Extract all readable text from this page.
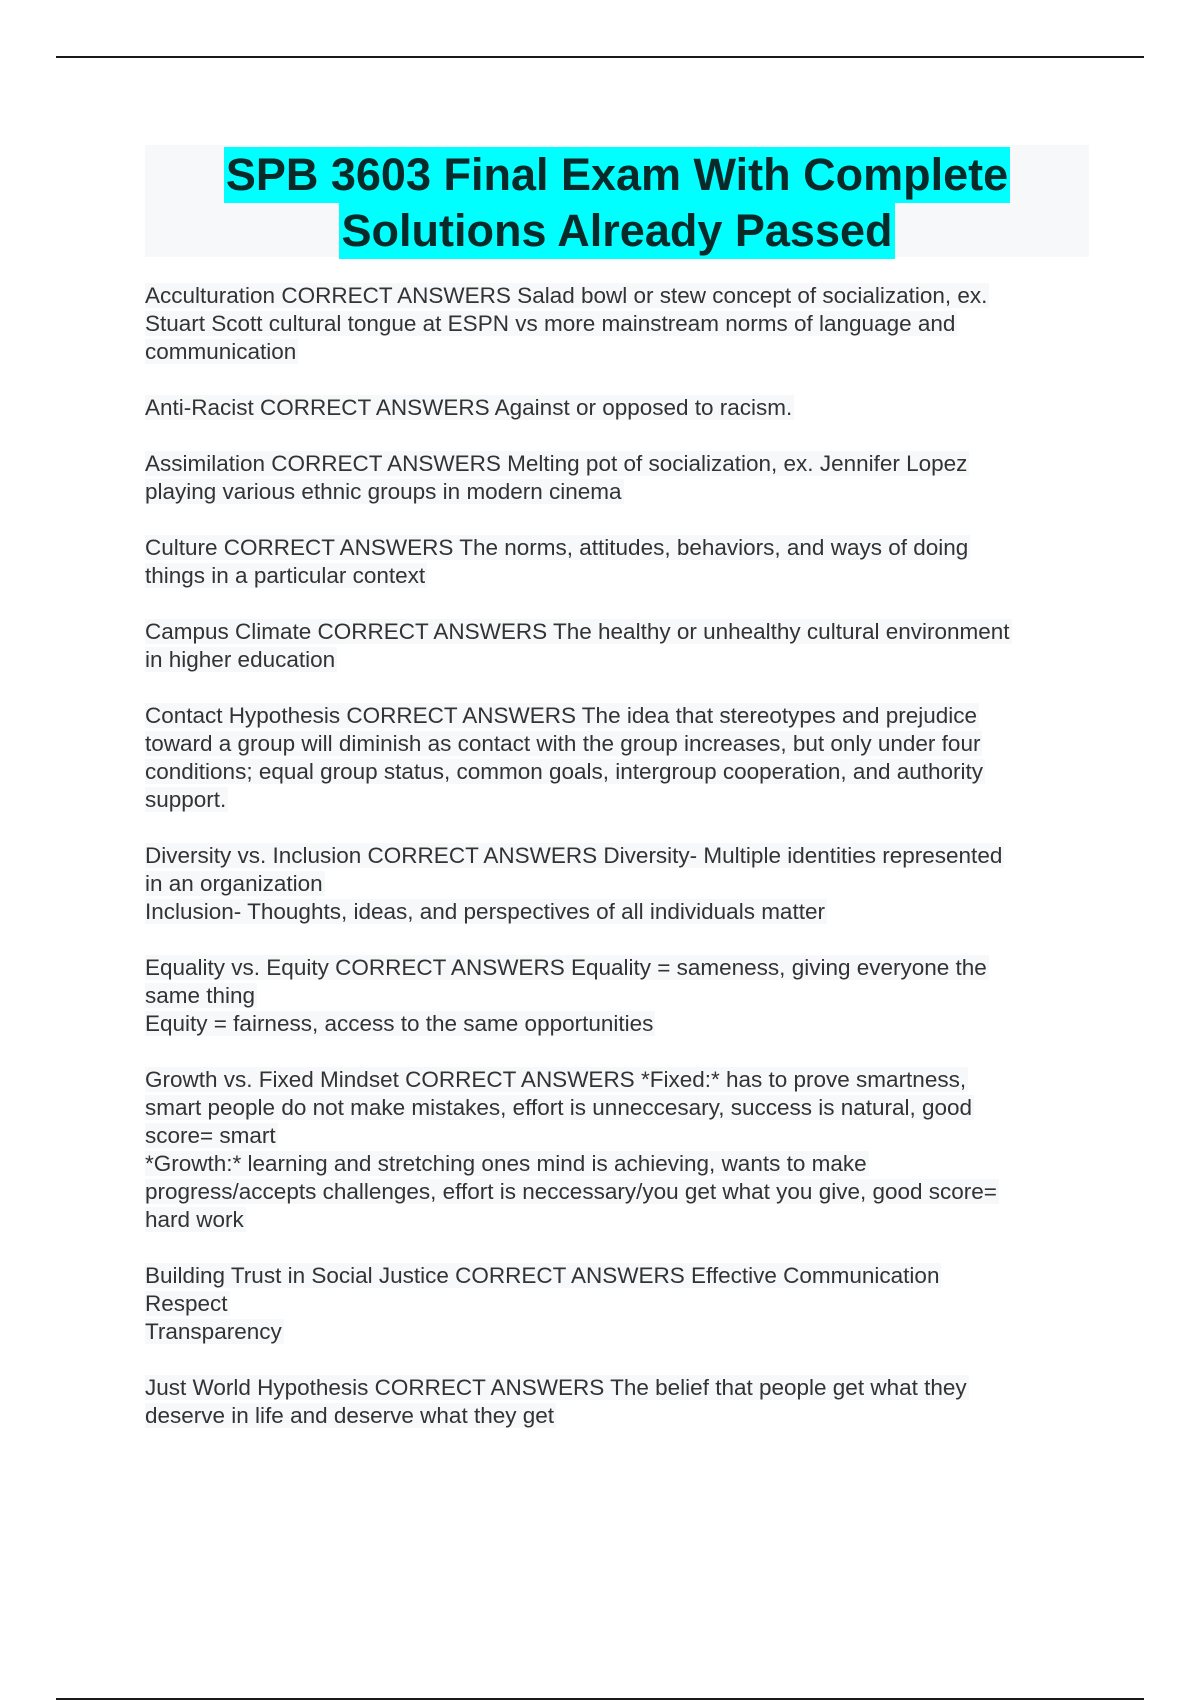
SPB 3603 Final Exam With Complete
Solutions Already Passed
Acculturation CORRECT ANSWERS Salad bowl or stew concept of socialization, ex.
Stuart Scott cultural tongue at ESPN vs more mainstream norms of language and
communication
Anti-Racist CORRECT ANSWERS Against or opposed to racism.
Assimilation CORRECT ANSWERS Melting pot of socialization, ex. Jennifer Lopez
playing various ethnic groups in modern cinema
Culture CORRECT ANSWERS The norms, attitudes, behaviors, and ways of doing
things in a particular context
Campus Climate CORRECT ANSWERS The healthy or unhealthy cultural environment
in higher education
Contact Hypothesis CORRECT ANSWERS The idea that stereotypes and prejudice
toward a group will diminish as contact with the group increases, but only under four
conditions; equal group status, common goals, intergroup cooperation, and authority
support.
Diversity vs. Inclusion CORRECT ANSWERS Diversity- Multiple identities represented
in an organization
Inclusion- Thoughts, ideas, and perspectives of all individuals matter
Equality vs. Equity CORRECT ANSWERS Equality = sameness, giving everyone the
same thing
Equity = fairness, access to the same opportunities
Growth vs. Fixed Mindset CORRECT ANSWERS *Fixed:* has to prove smartness,
smart people do not make mistakes, effort is unneccesary, success is natural, good
score= smart
*Growth:* learning and stretching ones mind is achieving, wants to make
progress/accepts challenges, effort is neccessary/you get what you give, good score=
hard work
Building Trust in Social Justice CORRECT ANSWERS Effective Communication
Respect
Transparency
Just World Hypothesis CORRECT ANSWERS The belief that people get what they
deserve in life and deserve what they get
